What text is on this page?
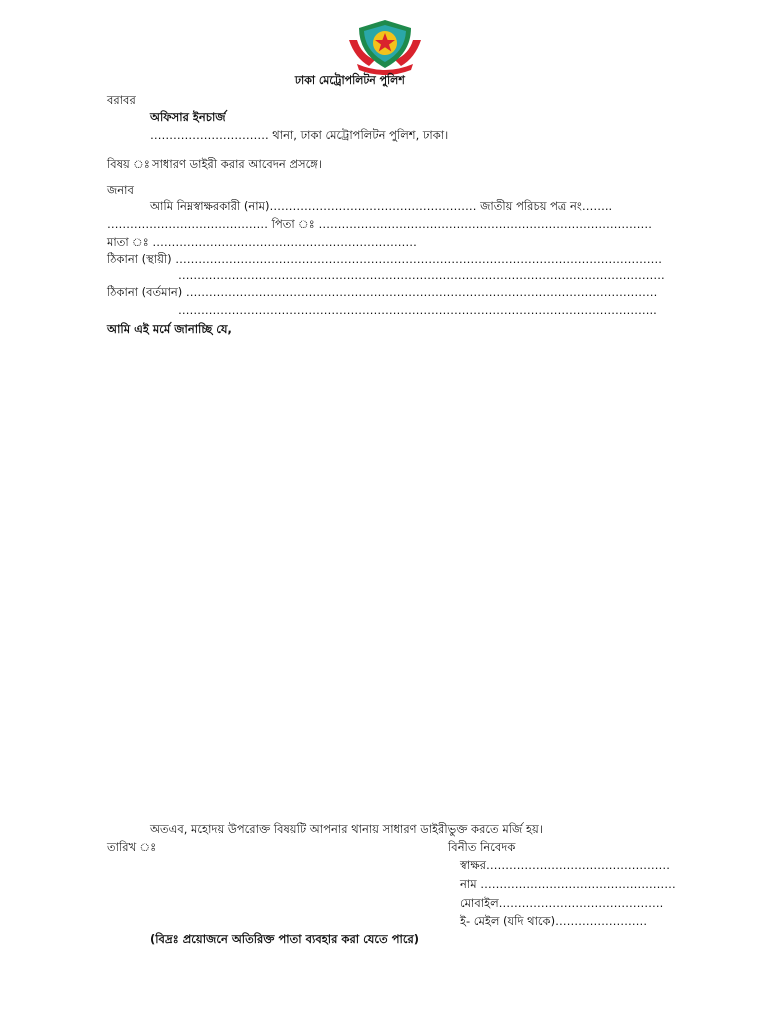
ঢাকা মেট্রোপলিটন পুলিশ
বরাবর
অফিসার ইনচার্জ
…………………………. থানা, ঢাকা মেট্রোপলিটন পুলিশ, ঢাকা।
বিষয় ঃ সাধারণ ডাইরী করার আবেদন প্রসঙ্গে।
জনাব
আমি নিম্নস্বাক্ষরকারী (নাম)……………………………………………… জাতীয় পরিচয় পত্র নং……..
…………………………………… পিতা ঃ ……………………………………………………………………………
মাতা ঃ ……………………………………………………………
ঠিকানা (স্থায়ী) ……………………………………………………………………………………………………………….
……………………………………………………………………………………………………………….
ঠিকানা (বর্তমান) ……………………………………………………………………………………………………………
……………………………………………………………………………………………………………..
আমি এই মর্মে জানাচ্ছি যে,
অতএব, মহোদয় উপরোক্ত বিষয়টি আপনার থানায় সাধারণ ডাইরীভুক্ত করতে মর্জি হয়।
তারিখ ঃ	বিনীত নিবেদক
স্বাক্ষর…………………………………………
নাম ……………………………………………
মোবাইল…………………………………….
ই- মেইল (যদি থাকে)……………………
(বিদ্রঃ প্রয়োজনে অতিরিক্ত পাতা ব্যবহার করা যেতে পারে)
